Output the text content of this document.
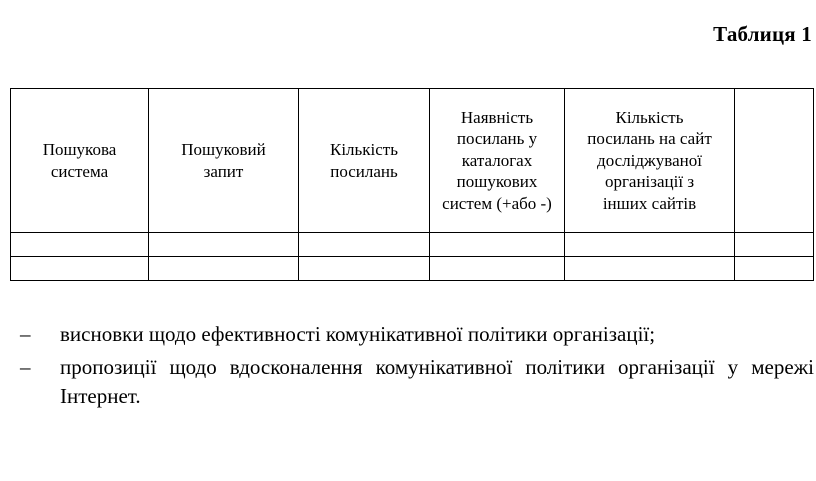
Таблиця 1
Пошукова система	Пошуковий запит	Кількість посилань	Наявність посилань у каталогах пошукових систем (+або -)	Кількість посилань на сайт досліджуваної організації з інших сайтів	

– висновки щодо ефективності комунікативної політики організації;
– пропозиції щодо вдосконалення комунікативної політики організації у мережі Інтернет.
